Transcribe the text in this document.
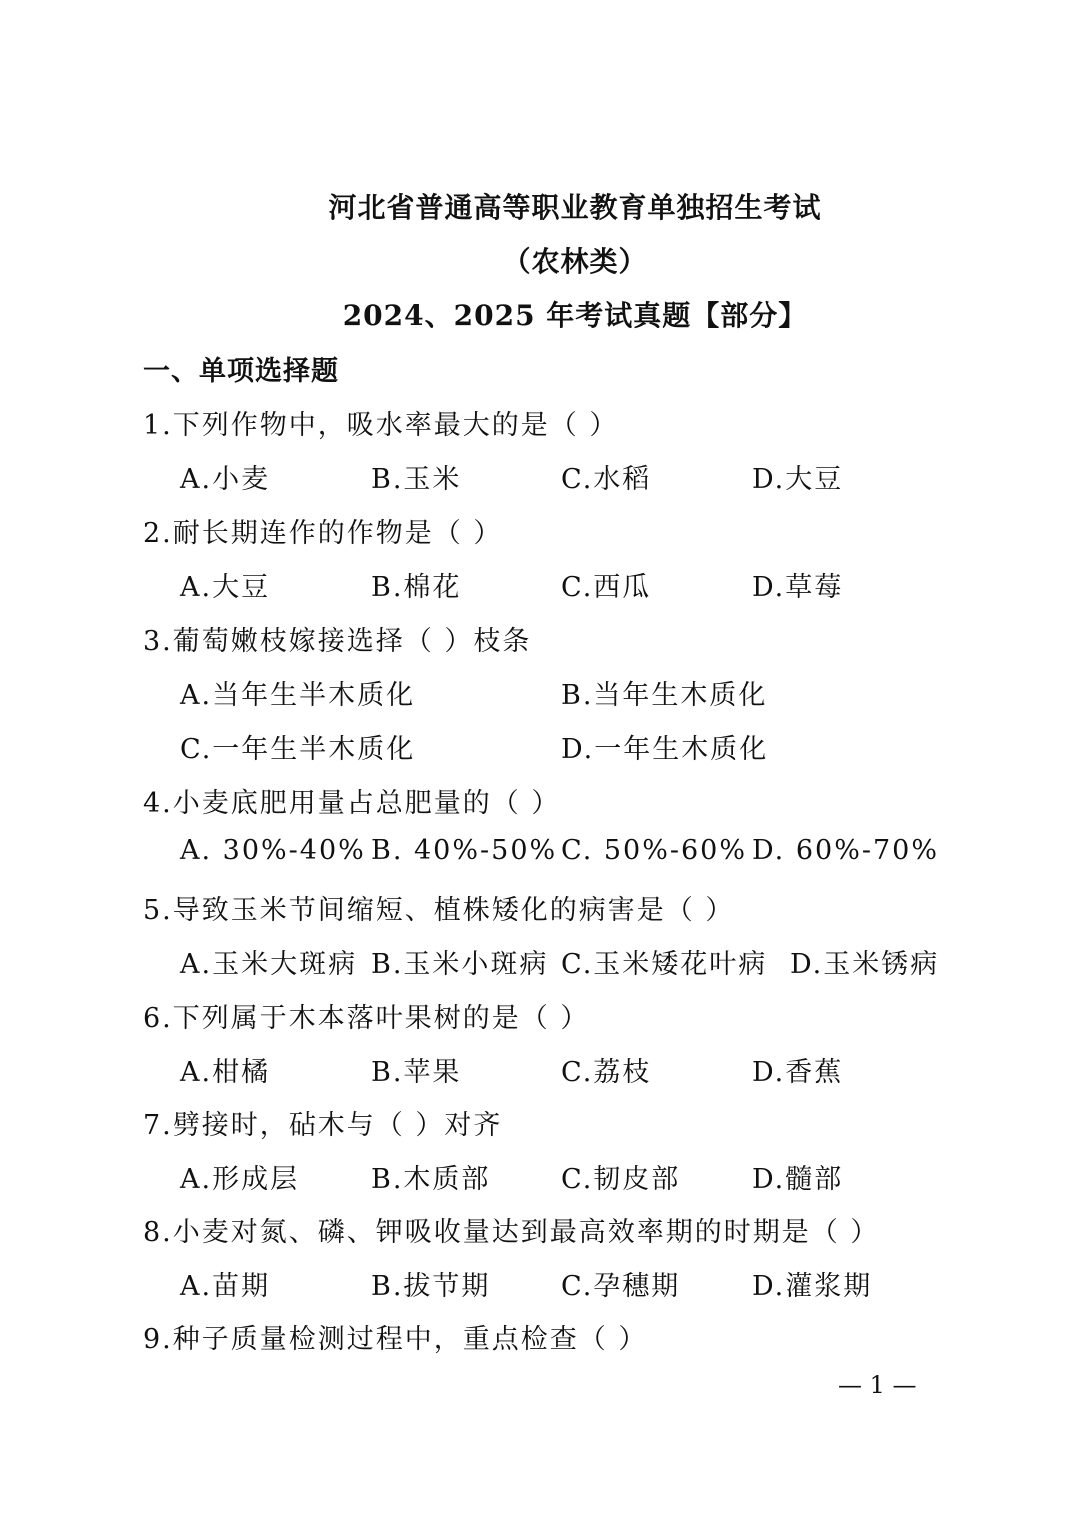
河北省普通高等职业教育单独招生考试
（农林类）
2024、2025 年考试真题【部分】
一、单项选择题
1.下列作物中，吸水率最大的是（ ）
A.小麦	B.玉米	C.水稻	D.大豆
2.耐长期连作的作物是（ ）
A.大豆	B.棉花	C.西瓜	D.草莓
3.葡萄嫩枝嫁接选择（ ）枝条
A.当年生半木质化	B.当年生木质化
C.一年生半木质化	D.一年生木质化
4.小麦底肥用量占总肥量的（ ）
A. 30%-40% B. 40%-50% C. 50%-60% D. 60%-70%
5.导致玉米节间缩短、植株矮化的病害是（ ）
A.玉米大斑病 B.玉米小斑病 C.玉米矮花叶病 D.玉米锈病
6.下列属于木本落叶果树的是（ ）
A.柑橘	B.苹果	C.荔枝	D.香蕉
7.劈接时，砧木与（ ）对齐
A.形成层	B.木质部	C.韧皮部	D.髓部
8.小麦对氮、磷、钾吸收量达到最高效率期的时期是（ ）
A.苗期	B.拔节期	C.孕穗期	D.灌浆期
9.种子质量检测过程中，重点检查（ ）
— 1 —
